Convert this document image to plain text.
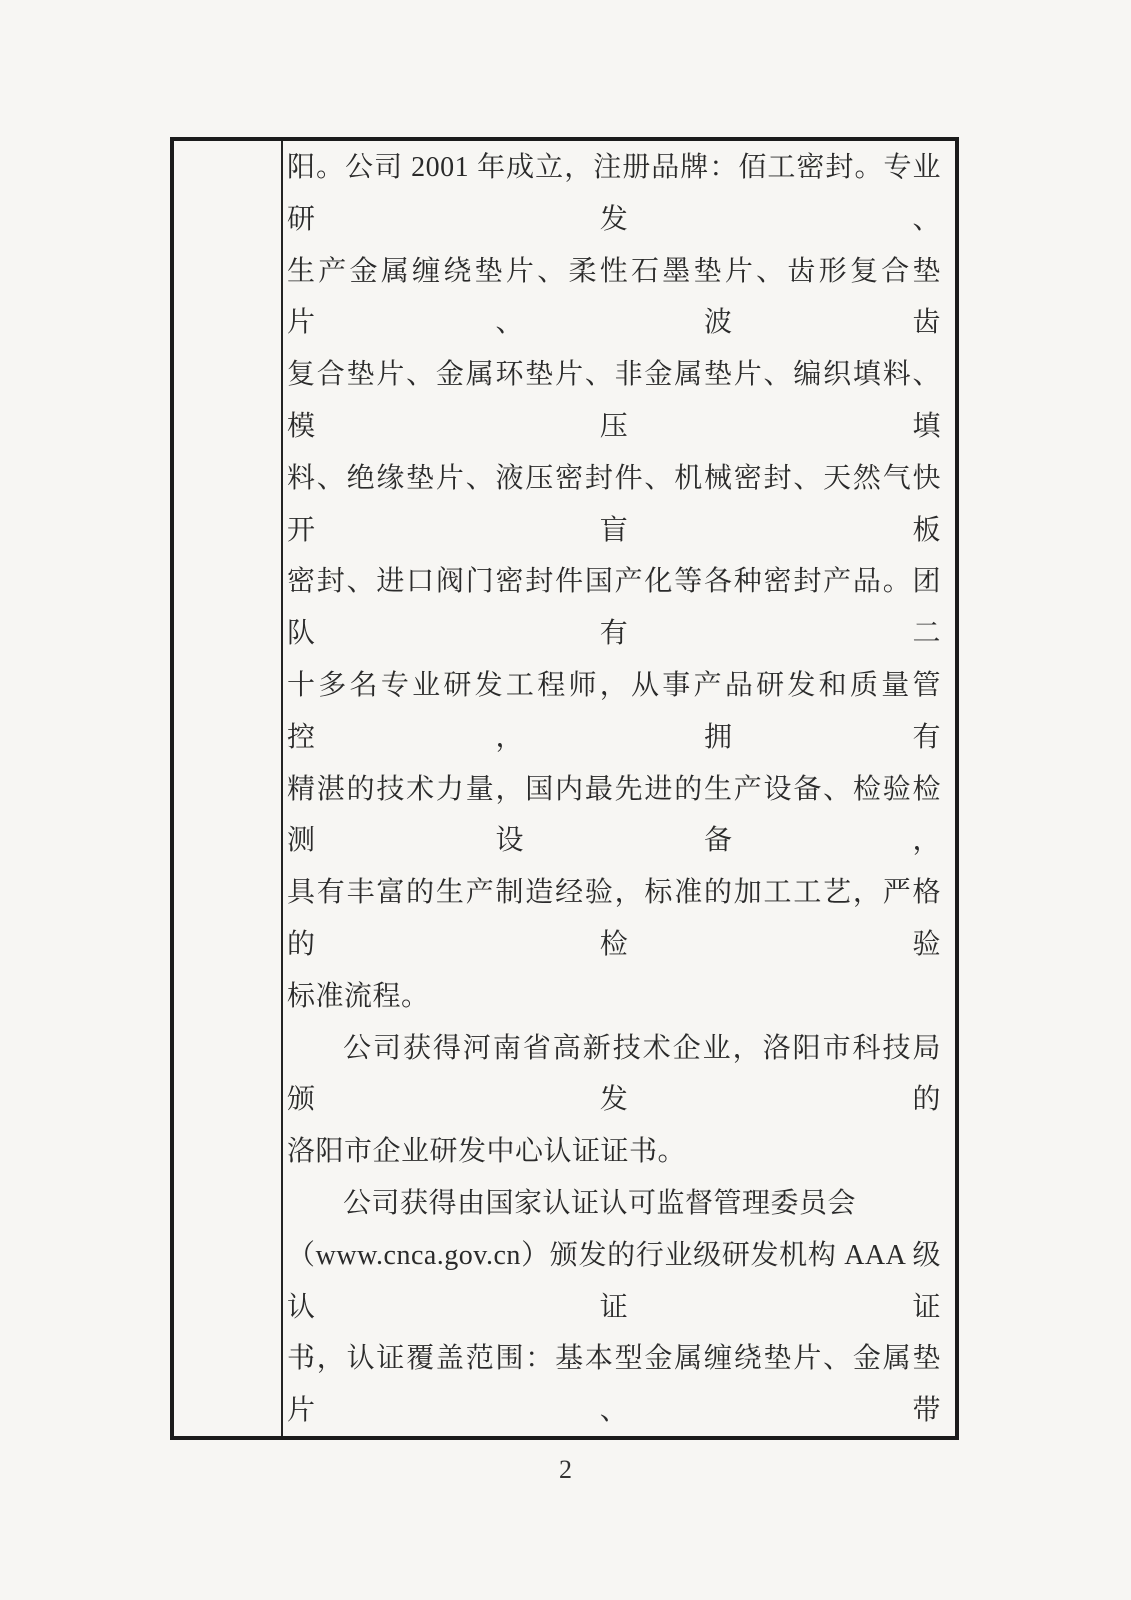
阳。公司 2001 年成立，注册品牌：佰工密封。专业研发、
生产金属缠绕垫片、柔性石墨垫片、齿形复合垫片、波齿
复合垫片、金属环垫片、非金属垫片、编织填料、模压填
料、绝缘垫片、液压密封件、机械密封、天然气快开盲板
密封、进口阀门密封件国产化等各种密封产品。团队有二
十多名专业研发工程师，从事产品研发和质量管控，拥有
精湛的技术力量，国内最先进的生产设备、检验检测设备，
具有丰富的生产制造经验，标准的加工工艺，严格的检验
标准流程。
公司获得河南省高新技术企业，洛阳市科技局颁发的
洛阳市企业研发中心认证证书。
公司获得由国家认证认可监督管理委员会
（www.cnca.gov.cn）颁发的行业级研发机构 AAA 级认证证
书，认证覆盖范围：基本型金属缠绕垫片、金属垫片、带
2
